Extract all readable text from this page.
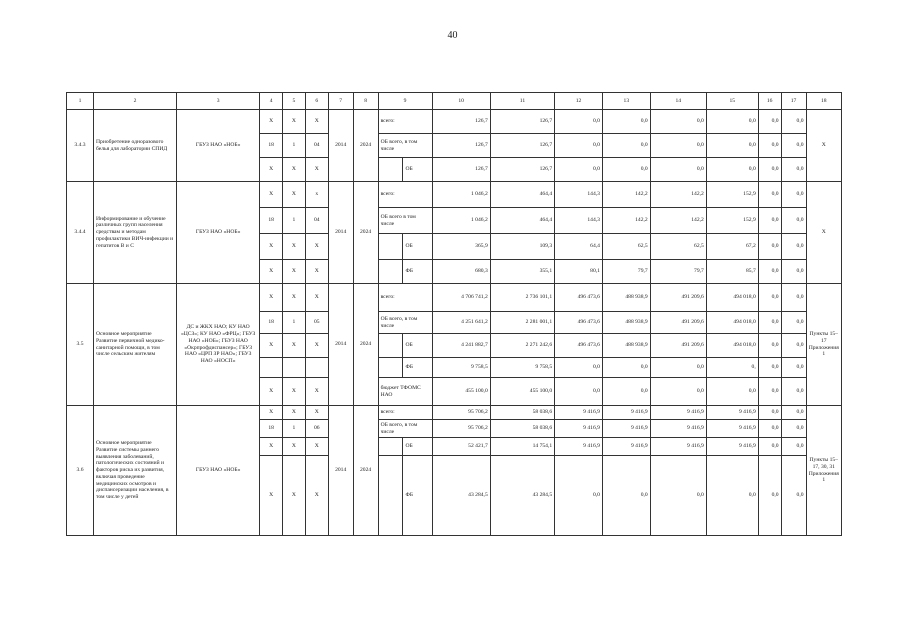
40
1	2	3	4	5	6	7	8	9		10	11	12	13	14	15	16	17	18
3.4.3	Приобретение одноразового белья для лаборатории СПИД	ГБУЗ НАО «НОБ»	Х	Х	Х	2014	2024	всего:		126,7	126,7	0,0	0,0	0,0	0,0	0,0	0,0	Х
			18	1	04			ОБ всего, в том числе		126,7	126,7	0,0	0,0	0,0	0,0	0,0	0,0	
			Х	Х	Х				ОБ	126,7	126,7	0,0	0,0	0,0	0,0	0,0	0,0	
3.4.4	Информирование и обучение различных групп населения средствам и методам профилактики ВИЧ-инфекции и гепатитов В и С	ГБУЗ НАО «НОБ»	Х	Х	х	2014	2024	всего:		1 046,2	464,4	144,3	142,2	142,2	152,9	0,0	0,0	Х
			18	1	04			ОБ всего в том числе		1 046,2	464,4	144,3	142,2	142,2	152,9	0,0	0,0	
			Х	Х	Х				ОБ	365,9	109,3	64,4	62,5	62,5	67,2	0,0	0,0	
			Х	Х	Х				ФБ	680,3	355,1	80,1	79,7	79,7	85,7	0,0	0,0	
3.5	Основное мероприятие Развитие первичной медико-санитарной помощи, в том числе сельским жителям	ДС и ЖКХ НАО; КУ НАО «ЦСЗ»; КУ НАО «ФРЦ»; ГБУЗ НАО «НОБ»; ГБУЗ НАО «Окрпрофдиспансер»; ГБУЗ НАО «ЦРП ЗР НАО»; ГБУЗ НАО «НОСП»	Х	Х	Х	2014	2024	всего:		4 706 741,2	2 736 101,1	496 473,6	488 938,9	491 209,6	494 018,0	0,0	0,0	Пункты 15–17 Приложения 1
			18	1	05			ОБ всего, в том числе		4 251 641,2	2 281 001,1	496 473,6	488 938,9	491 209,6	494 018,0	0,0	0,0	
			Х	Х	Х				ОБ	4 241 882,7	2 271 242,6	496 473,6	488 938,9	491 209,6	494 018,0	0,0	0,0	
									ФБ	9 758,5	9 758,5	0,0	0,0	0,0	0,	0,0	0,0	
			Х	Х	Х			бюджет ТФОМС НАО		455 100,0	455 100,0	0,0	0,0	0,0	0,0	0,0	0,0	
3.6	Основное мероприятие Развитие системы раннего выявления заболеваний, патологических состояний и факторов риска их развития, включая проведение медицинских осмотров и диспансеризации населения, в том числе у детей	ГБУЗ НАО «НОБ»	Х	Х	Х	2014	2024	всего:		95 706,2	58 038,6	9 416,9	9 416,9	9 416,9	9 416,9	0,0	0,0	Пункты 15–17, 30, 31 Приложения 1
			18	1	06			ОБ всего, в том числе		95 706,2	58 038,6	9 416,9	9 416,9	9 416,9	9 416,9	0,0	0,0	
			Х	Х	Х				ОБ	52 421,7	14 754,1	9 416,9	9 416,9	9 416,9	9 416,9	0,0	0,0	
			Х	Х	Х				ФБ	43 284,5	43 284,5	0,0	0,0	0,0	0,0	0,0	0,0	
